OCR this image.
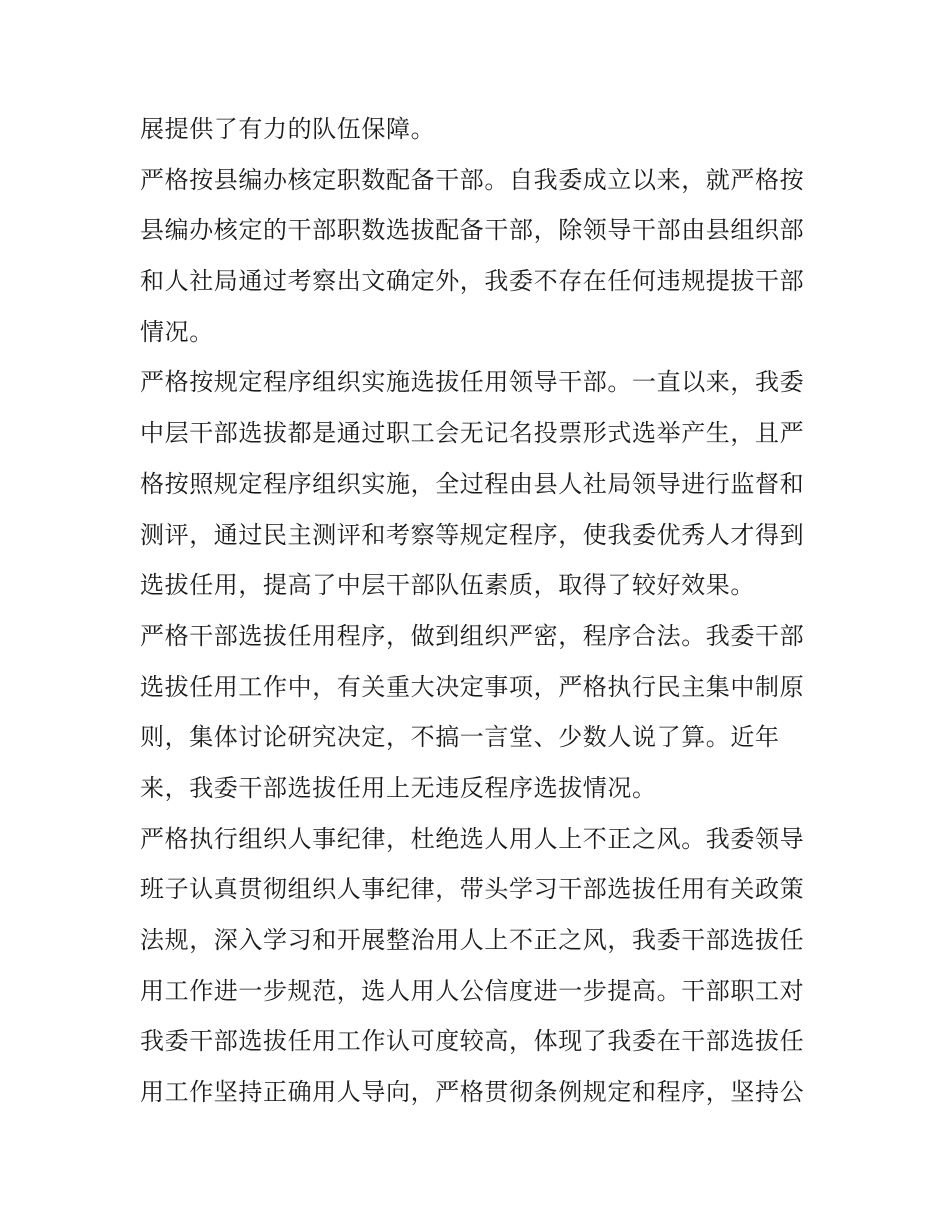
展提供了有力的队伍保障。
严格按县编办核定职数配备干部。自我委成立以来，就严格按
县编办核定的干部职数选拔配备干部，除领导干部由县组织部
和人社局通过考察出文确定外，我委不存在任何违规提拔干部
情况。
严格按规定程序组织实施选拔任用领导干部。一直以来，我委
中层干部选拔都是通过职工会无记名投票形式选举产生，且严
格按照规定程序组织实施，全过程由县人社局领导进行监督和
测评，通过民主测评和考察等规定程序，使我委优秀人才得到
选拔任用，提高了中层干部队伍素质，取得了较好效果。
严格干部选拔任用程序，做到组织严密，程序合法。我委干部
选拔任用工作中，有关重大决定事项，严格执行民主集中制原
则，集体讨论研究决定，不搞一言堂、少数人说了算。近年
来，我委干部选拔任用上无违反程序选拔情况。
严格执行组织人事纪律，杜绝选人用人上不正之风。我委领导
班子认真贯彻组织人事纪律，带头学习干部选拔任用有关政策
法规，深入学习和开展整治用人上不正之风，我委干部选拔任
用工作进一步规范，选人用人公信度进一步提高。干部职工对
我委干部选拔任用工作认可度较高，体现了我委在干部选拔任
用工作坚持正确用人导向，严格贯彻条例规定和程序，坚持公
